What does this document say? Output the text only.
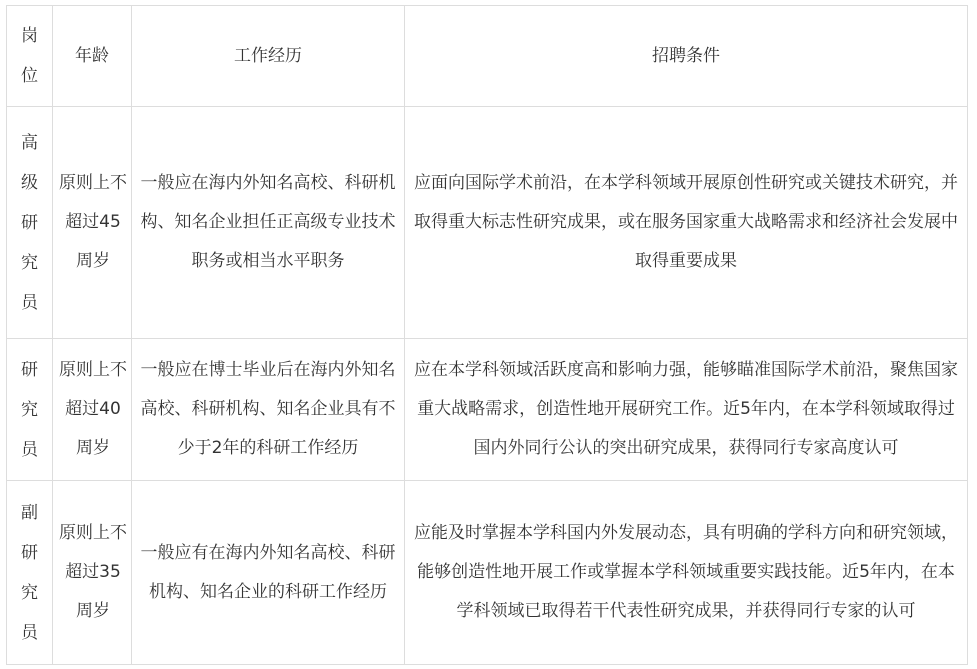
岗位	年龄	工作经历	招聘条件

高级研究员	原则上不超过45周岁	一般应在海内外知名高校、科研机构、知名企业担任正高级专业技术职务或相当水平职务	应面向国际学术前沿，在本学科领域开展原创性研究或关键技术研究，并取得重大标志性研究成果，或在服务国家重大战略需求和经济社会发展中取得重要成果

研究员	原则上不超过40周岁	一般应在博士毕业后在海内外知名高校、科研机构、知名企业具有不少于2年的科研工作经历	应在本学科领域活跃度高和影响力强，能够瞄准国际学术前沿，聚焦国家重大战略需求，创造性地开展研究工作。近5年内，在本学科领域取得过国内外同行公认的突出研究成果，获得同行专家高度认可

副研究员	原则上不超过35周岁	一般应有在海内外知名高校、科研机构、知名企业的科研工作经历	应能及时掌握本学科国内外发展动态，具有明确的学科方向和研究领域，能够创造性地开展工作或掌握本学科领域重要实践技能。近5年内，在本学科领域已取得若干代表性研究成果，并获得同行专家的认可
